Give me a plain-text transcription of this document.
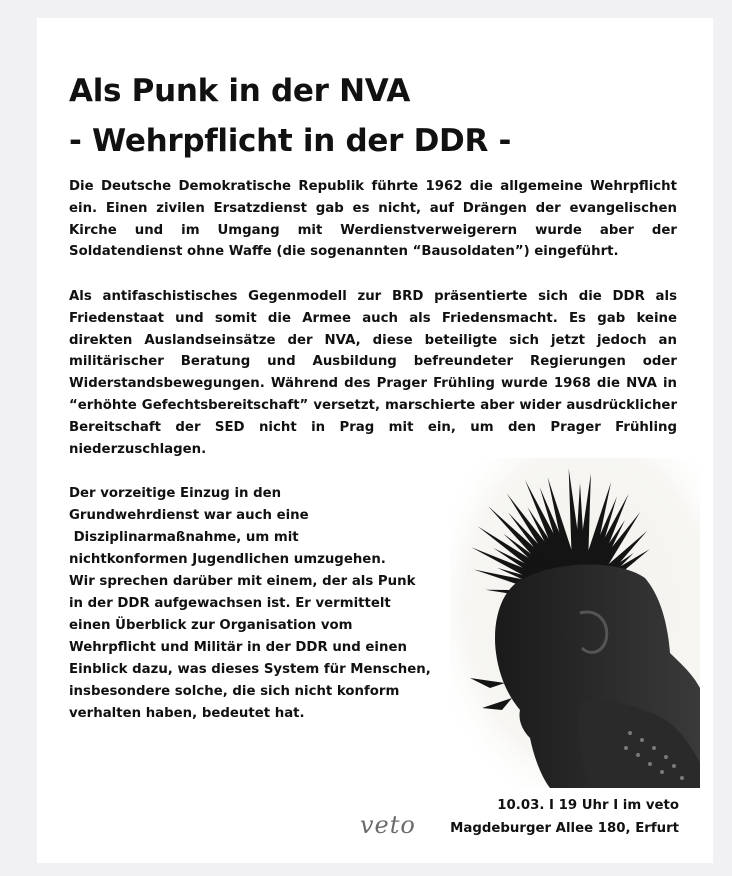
Als Punk in der NVA
- Wehrpflicht in der DDR -

Die Deutsche Demokratische Republik führte 1962 die allgemeine Wehrpflicht ein. Einen zivilen Ersatzdienst gab es nicht, auf Drängen der evangelischen Kirche und im Umgang mit Werdienstverweigerern wurde aber der Soldatendienst ohne Waffe (die sogenannten “Bausoldaten”) eingeführt.

Als antifaschistisches Gegenmodell zur BRD präsentierte sich die DDR als Friedenstaat und somit die Armee auch als Friedensmacht. Es gab keine direkten Auslandseinsätze der NVA, diese beteiligte sich jetzt jedoch an militärischer Beratung und Ausbildung befreundeter Regierungen oder Widerstandsbewegungen. Während des Prager Frühling wurde 1968 die NVA in “erhöhte Gefechtsbereitschaft” versetzt, marschierte aber wider ausdrücklicher Bereitschaft der SED nicht in Prag mit ein, um den Prager Frühling niederzuschlagen.

Der vorzeitige Einzug in den
Grundwehrdienst war auch eine
Disziplinarmaßnahme, um mit
nichtkonformen Jugendlichen umzugehen.
Wir sprechen darüber mit einem, der als Punk
in der DDR aufgewachsen ist. Er vermittelt
einen Überblick zur Organisation vom
Wehrpflicht und Militär in der DDR und einen
Einblick dazu, was dieses System für Menschen,
insbesondere solche, die sich nicht konform
verhalten haben, bedeutet hat.

veto
10.03. I 19 Uhr I im veto
Magdeburger Allee 180, Erfurt
